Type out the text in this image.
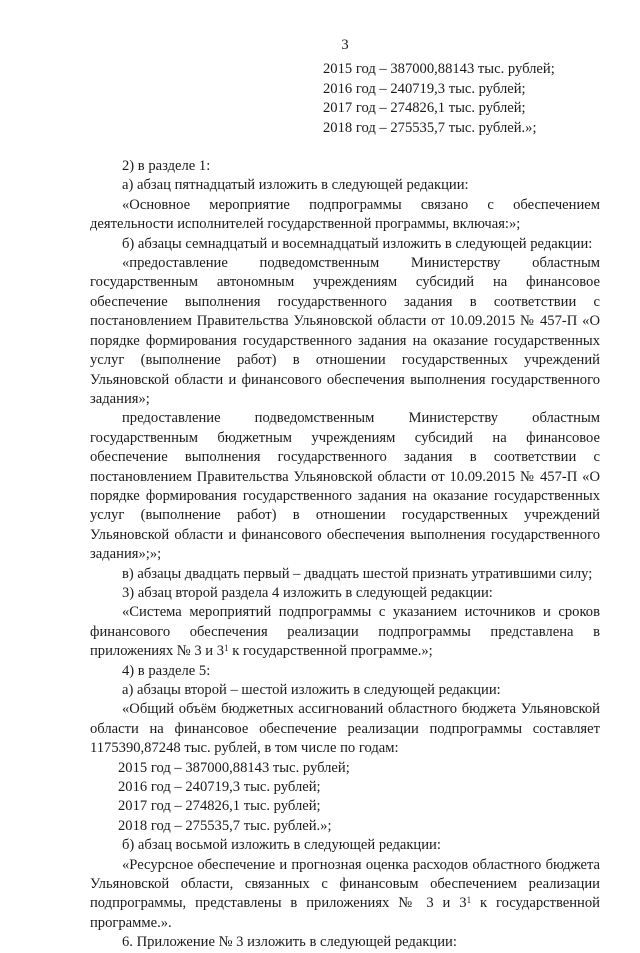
3

2015 год – 387000,88143 тыс. рублей;

2016 год – 240719,3 тыс. рублей;

2017 год – 274826,1 тыс. рублей;

2018 год – 275535,7 тыс. рублей.»;

2) в разделе 1:

а) абзац пятнадцатый изложить в следующей редакции:

«Основное мероприятие подпрограммы связано с обеспечением деятельности исполнителей государственной программы, включая:»;

б) абзацы семнадцатый и восемнадцатый изложить в следующей редакции:

«предоставление подведомственным Министерству областным государственным автономным учреждениям субсидий на финансовое обеспечение выполнения государственного задания в соответствии с постановлением Правительства Ульяновской области от 10.09.2015 № 457-П «О порядке формирования государственного задания на оказание государственных услуг (выполнение работ) в отношении государственных учреждений Ульяновской области и финансового обеспечения выполнения государственного задания»;

предоставление подведомственным Министерству областным государственным бюджетным учреждениям субсидий на финансовое обеспечение выполнения государственного задания в соответствии с постановлением Правительства Ульяновской области от 10.09.2015 № 457-П «О порядке формирования государственного задания на оказание государственных услуг (выполнение работ) в отношении государственных учреждений Ульяновской области и финансового обеспечения выполнения государственного задания»;»;

в) абзацы двадцать первый – двадцать шестой признать утратившими силу;

3) абзац второй раздела 4 изложить в следующей редакции:

«Система мероприятий подпрограммы с указанием источников и сроков финансового обеспечения реализации подпрограммы представлена в приложениях № 3 и $3^1$ к государственной программе.»;

4) в разделе 5:

а) абзацы второй – шестой изложить в следующей редакции:

«Общий объём бюджетных ассигнований областного бюджета Ульяновской области на финансовое обеспечение реализации подпрограммы составляет 1175390,87248 тыс. рублей, в том числе по годам:

2015 год – 387000,88143 тыс. рублей;

2016 год – 240719,3 тыс. рублей;

2017 год – 274826,1 тыс. рублей;

2018 год – 275535,7 тыс. рублей.»;

б) абзац восьмой изложить в следующей редакции:

«Ресурсное обеспечение и прогнозная оценка расходов областного бюджета Ульяновской области, связанных с финансовым обеспечением реализации подпрограммы, представлены в приложениях № 3 и $3^1$ к государственной программе.».

6. Приложение № 3 изложить в следующей редакции:
